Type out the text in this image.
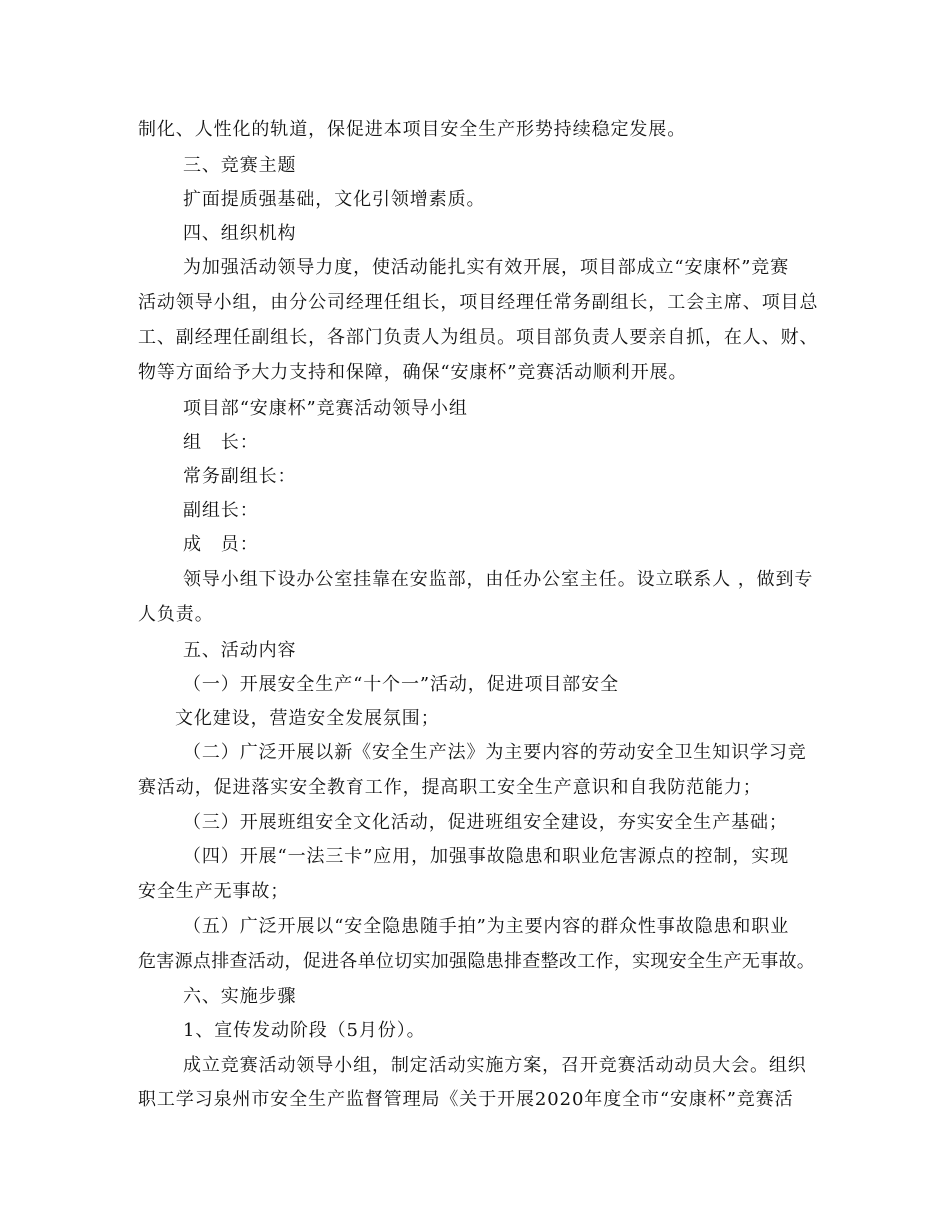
制化、人性化的轨道，保促进本项目安全生产形势持续稳定发展。
三、竞赛主题
扩面提质强基础，文化引领增素质。
四、组织机构
为加强活动领导力度，使活动能扎实有效开展，项目部成立“安康杯”竞赛
活动领导小组，由分公司经理任组长，项目经理任常务副组长，工会主席、项目总
工、副经理任副组长，各部门负责人为组员。项目部负责人要亲自抓，在人、财、
物等方面给予大力支持和保障，确保“安康杯”竞赛活动顺利开展。
项目部“安康杯”竞赛活动领导小组
组　长：
常务副组长：
副组长：
成　员：
领导小组下设办公室挂靠在安监部，由任办公室主任。设立联系人 ，做到专
人负责。
五、活动内容
（一）开展安全生产“十个一”活动，促进项目部安全
文化建设，营造安全发展氛围；
（二）广泛开展以新《安全生产法》为主要内容的劳动安全卫生知识学习竞
赛活动，促进落实安全教育工作，提高职工安全生产意识和自我防范能力；
（三）开展班组安全文化活动，促进班组安全建设，夯实安全生产基础；
（四）开展“一法三卡”应用，加强事故隐患和职业危害源点的控制，实现
安全生产无事故；
（五）广泛开展以“安全隐患随手拍”为主要内容的群众性事故隐患和职业
危害源点排查活动，促进各单位切实加强隐患排查整改工作，实现安全生产无事故。
六、实施步骤
1、宣传发动阶段（5月份）。
成立竞赛活动领导小组，制定活动实施方案，召开竞赛活动动员大会。组织
职工学习泉州市安全生产监督管理局《关于开展2020年度全市“安康杯”竞赛活
